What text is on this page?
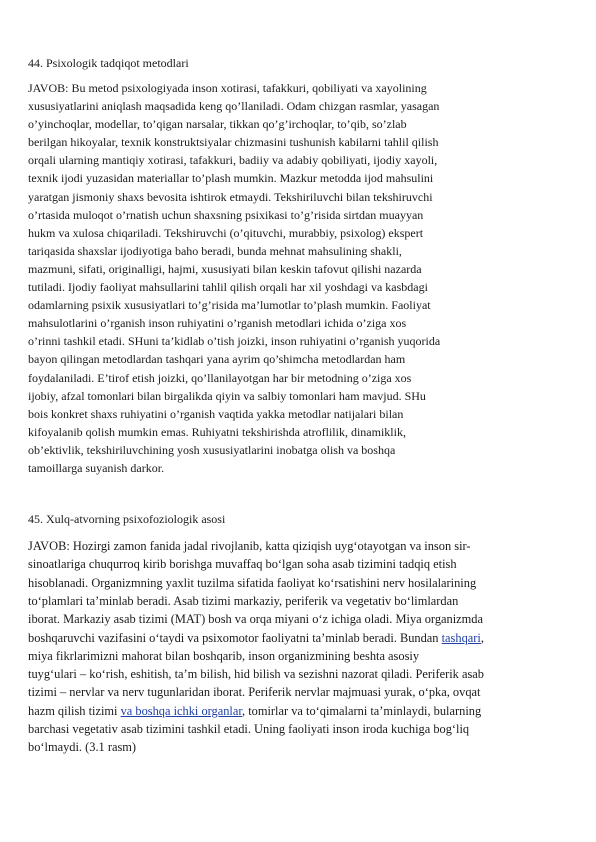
44. Psixologik tadqiqot metodlari
JAVOB: Bu metod psixologiyada inson xotirasi, tafakkuri, qobiliyati va xayolining
xususiyatlarini aniqlash maqsadida keng qo’llaniladi. Odam chizgan rasmlar, yasagan
o’yinchoqlar, modellar, to’qigan narsalar, tikkan qo’g’irchoqlar, to’qib, so’zlab
berilgan hikoyalar, texnik konstruktsiyalar chizmasini tushunish kabilarni tahlil qilish
orqali ularning mantiqiy xotirasi, tafakkuri, badiiy va adabiy qobiliyati, ijodiy xayoli,
texnik ijodi yuzasidan materiallar to’plash mumkin. Mazkur metodda ijod mahsulini
yaratgan jismoniy shaxs bevosita ishtirok etmaydi. Tekshiriluvchi bilan tekshiruvchi
o’rtasida muloqot o’rnatish uchun shaxsning psixikasi to’g’risida sirtdan muayyan
hukm va xulosa chiqariladi. Tekshiruvchi (o’qituvchi, murabbiy, psixolog) ekspert
tariqasida shaxslar ijodiyotiga baho beradi, bunda mehnat mahsulining shakli,
mazmuni, sifati, originalligi, hajmi, xususiyati bilan keskin tafovut qilishi nazarda
tutiladi. Ijodiy faoliyat mahsullarini tahlil qilish orqali har xil yoshdagi va kasbdagi
odamlarning psixik xususiyatlari to’g’risida ma’lumotlar to’plash mumkin. Faoliyat
mahsulotlarini o’rganish inson ruhiyatini o’rganish metodlari ichida o’ziga xos
o’rinni tashkil etadi. SHuni ta’kidlab o’tish joizki, inson ruhiyatini o’rganish yuqorida
bayon qilingan metodlardan tashqari yana ayrim qo’shimcha metodlardan ham
foydalaniladi. E’tirof etish joizki, qo’llanilayotgan har bir metodning o’ziga xos
ijobiy, afzal tomonlari bilan birgalikda qiyin va salbiy tomonlari ham mavjud. SHu
bois konkret shaxs ruhiyatini o’rganish vaqtida yakka metodlar natijalari bilan
kifoyalanib qolish mumkin emas. Ruhiyatni tekshirishda atroflilik, dinamiklik,
ob’ektivlik, tekshiriluvchining yosh xususiyatlarini inobatga olish va boshqa
tamoillarga suyanish darkor.
45. Xulq-atvorning psixofoziologik asosi
JAVOB: Hozirgi zamon fanida jadal rivojlanib, katta qiziqish uyg‘otayotgan va inson sir-
sinoatlariga chuqurroq kirib borishga muvaffaq bo‘lgan soha asab tizimini tadqiq etish
hisoblanadi. Organizmning yaxlit tuzilma sifatida faoliyat ko‘rsatishini nerv hosilalarining
to‘plamlari ta’minlab beradi. Asab tizimi markaziy, periferik va vegetativ bo‘limlardan
iborat. Markaziy asab tizimi (MAT) bosh va orqa miyani o‘z ichiga oladi. Miya organizmda
boshqaruvchi vazifasini o‘taydi va psixomotor faoliyatni ta’minlab beradi. Bundan tashqari,
miya fikrlarimizni mahorat bilan boshqarib, inson organizmining beshta asosiy
tuyg‘ulari – ko‘rish, eshitish, ta’m bilish, hid bilish va sezishni nazorat qiladi. Periferik asab
tizimi – nervlar va nerv tugunlaridan iborat. Periferik nervlar majmuasi yurak, o‘pka, ovqat
hazm qilish tizimi va boshqa ichki organlar, tomirlar va to‘qimalarni ta’minlaydi, bularning
barchasi vegetativ asab tizimini tashkil etadi. Uning faoliyati inson iroda kuchiga bog‘liq
bo‘lmaydi. (3.1 rasm)
